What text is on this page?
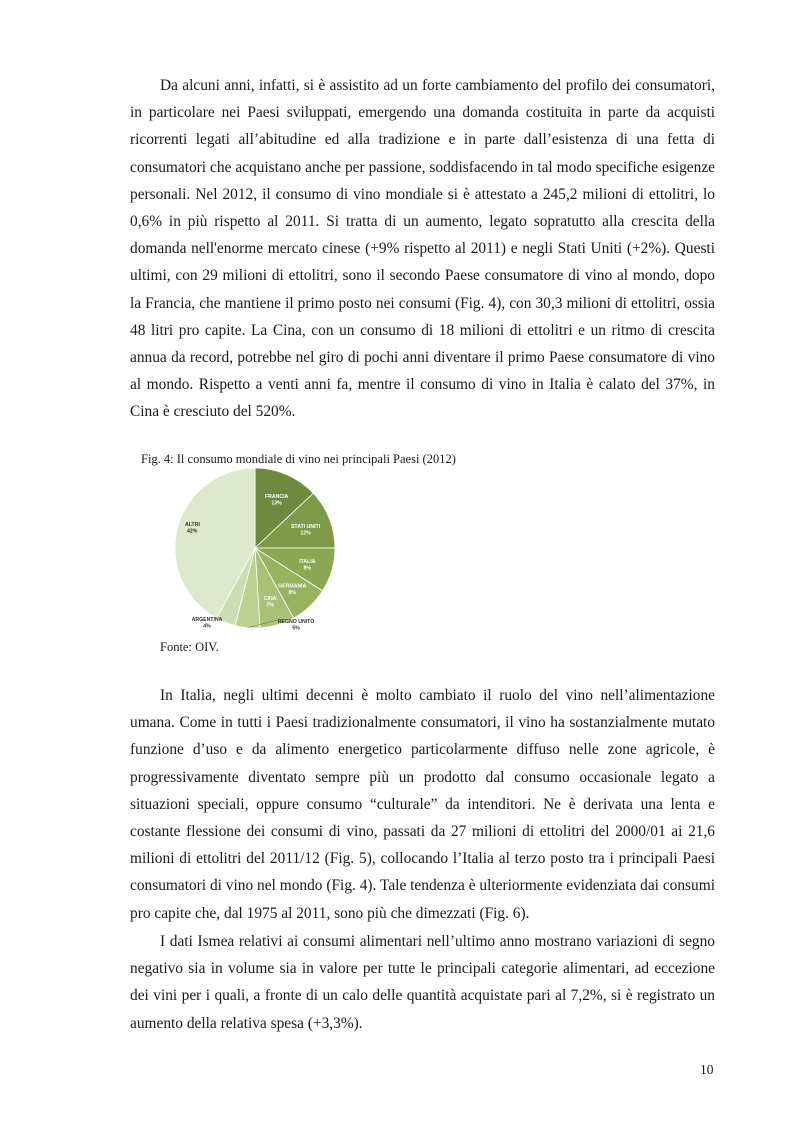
Da alcuni anni, infatti, si è assistito ad un forte cambiamento del profilo dei consumatori, in particolare nei Paesi sviluppati, emergendo una domanda costituita in parte da acquisti ricorrenti legati all’abitudine ed alla tradizione e in parte dall’esistenza di una fetta di consumatori che acquistano anche per passione, soddisfacendo in tal modo specifiche esigenze personali. Nel 2012, il consumo di vino mondiale si è attestato a 245,2 milioni di ettolitri, lo 0,6% in più rispetto al 2011. Si tratta di un aumento, legato sopratutto alla crescita della domanda nell'enorme mercato cinese (+9% rispetto al 2011) e negli Stati Uniti (+2%). Questi ultimi, con 29 milioni di ettolitri, sono il secondo Paese consumatore di vino al mondo, dopo la Francia, che mantiene il primo posto nei consumi (Fig. 4), con 30,3 milioni di ettolitri, ossia 48 litri pro capite. La Cina, con un consumo di 18 milioni di ettolitri e un ritmo di crescita annua da record, potrebbe nel giro di pochi anni diventare il primo Paese consumatore di vino al mondo. Rispetto a venti anni fa, mentre il consumo di vino in Italia è calato del 37%, in Cina è cresciuto del 520%.

Fig. 4: Il consumo mondiale di vino nei principali Paesi (2012)

FRANCIA
13%
STATI UNITI
12%
ITALIA
9%
GERMANIA
8%
CINA
7%
REGNO UNITO
5%
ARGENTINA
4%
ALTRI
42%

Fonte: OIV.

In Italia, negli ultimi decenni è molto cambiato il ruolo del vino nell’alimentazione umana. Come in tutti i Paesi tradizionalmente consumatori, il vino ha sostanzialmente mutato funzione d’uso e da alimento energetico particolarmente diffuso nelle zone agricole, è progressivamente diventato sempre più un prodotto dal consumo occasionale legato a situazioni speciali, oppure consumo “culturale” da intenditori. Ne è derivata una lenta e costante flessione dei consumi di vino, passati da 27 milioni di ettolitri del 2000/01 ai 21,6 milioni di ettolitri del 2011/12 (Fig. 5), collocando l’Italia al terzo posto tra i principali Paesi consumatori di vino nel mondo (Fig. 4). Tale tendenza è ulteriormente evidenziata dai consumi pro capite che, dal 1975 al 2011, sono più che dimezzati (Fig. 6).

I dati Ismea relativi ai consumi alimentari nell’ultimo anno mostrano variazioni di segno negativo sia in volume sia in valore per tutte le principali categorie alimentari, ad eccezione dei vini per i quali, a fronte di un calo delle quantità acquistate pari al 7,2%, si è registrato un aumento della relativa spesa (+3,3%).

10
